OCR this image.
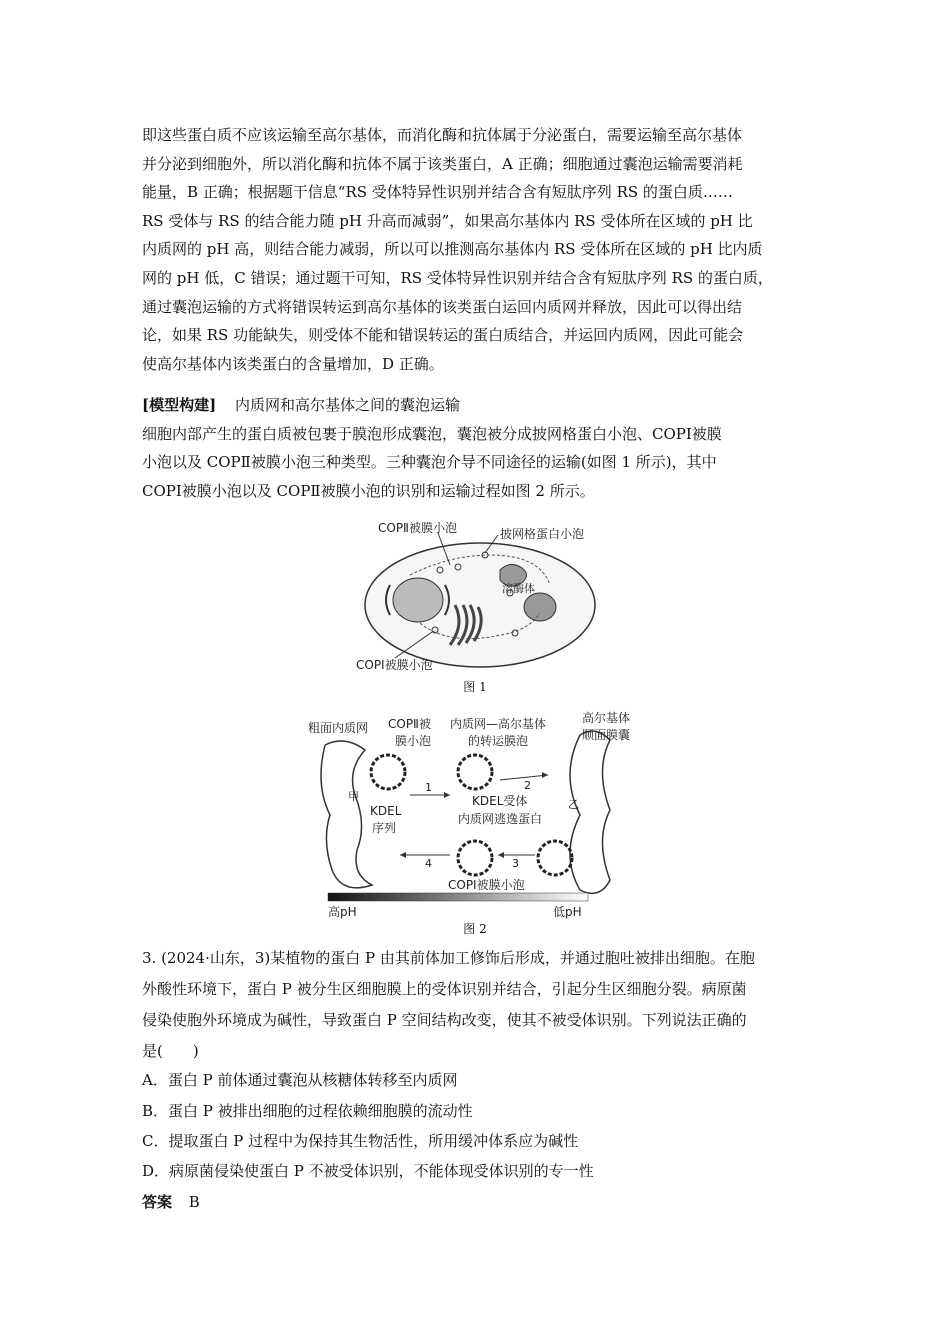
即这些蛋白质不应该运输至高尔基体，而消化酶和抗体属于分泌蛋白，需要运输至高尔基体
并分泌到细胞外，所以消化酶和抗体不属于该类蛋白，A 正确；细胞通过囊泡运输需要消耗
能量，B 正确；根据题干信息“RS 受体特异性识别并结合含有短肽序列 RS 的蛋白质……
RS 受体与 RS 的结合能力随 pH 升高而减弱”，如果高尔基体内 RS 受体所在区域的 pH 比
内质网的 pH 高，则结合能力减弱，所以可以推测高尔基体内 RS 受体所在区域的 pH 比内质
网的 pH 低，C 错误；通过题干可知，RS 受体特异性识别并结合含有短肽序列 RS 的蛋白质，
通过囊泡运输的方式将错误转运到高尔基体的该类蛋白运回内质网并释放，因此可以得出结
论，如果 RS 功能缺失，则受体不能和错误转运的蛋白质结合，并运回内质网，因此可能会
使高尔基体内该类蛋白的含量增加，D 正确。
[模型构建] 内质网和高尔基体之间的囊泡运输
细胞内部产生的蛋白质被包裹于膜泡形成囊泡，囊泡被分成披网格蛋白小泡、COPⅠ被膜
小泡以及 COPⅡ被膜小泡三种类型。三种囊泡介导不同途径的运输(如图 1 所示)，其中
COPⅠ被膜小泡以及 COPⅡ被膜小泡的识别和运输过程如图 2 所示。
COPⅡ被膜小泡	披网格蛋白小泡
溶酶体
COPⅠ被膜小泡
图 1
粗面内质网 COPⅡ被
膜小泡
内质网—高尔基体
的转运膜泡
高尔基体
顺面膜囊
甲
乙
KDEL
序列
KDEL受体
内质网逃逸蛋白
COPⅠ被膜小泡
1	2
3
4
高pH	低pH
图 2
3. (2024·山东，3)某植物的蛋白 P 由其前体加工修饰后形成，并通过胞吐被排出细胞。在胞
外酸性环境下，蛋白 P 被分生区细胞膜上的受体识别并结合，引起分生区细胞分裂。病原菌
侵染使胞外环境成为碱性，导致蛋白 P 空间结构改变，使其不被受体识别。下列说法正确的
是(　　)
A．蛋白 P 前体通过囊泡从核糖体转移至内质网
B．蛋白 P 被排出细胞的过程依赖细胞膜的流动性
C．提取蛋白 P 过程中为保持其生物活性，所用缓冲体系应为碱性
D．病原菌侵染使蛋白 P 不被受体识别，不能体现受体识别的专一性
答案 B
